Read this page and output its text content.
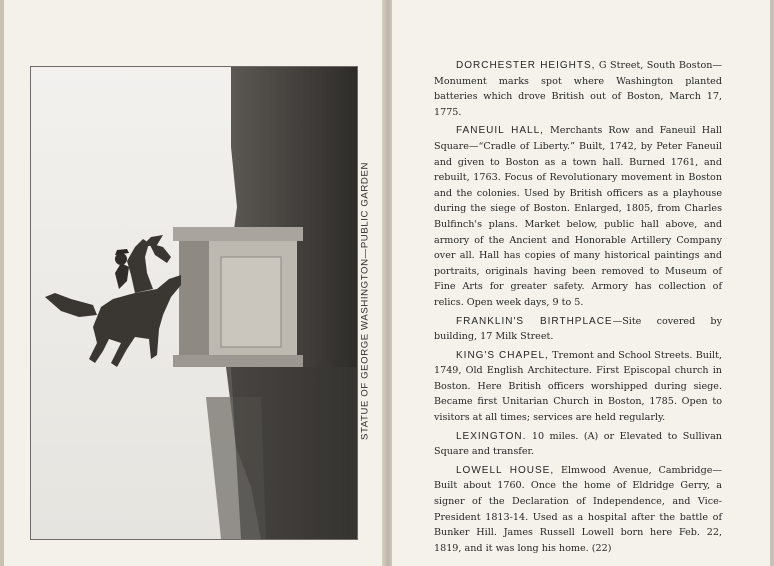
STATUE OF GEORGE WASHINGTON—PUBLIC GARDEN

DORCHESTER HEIGHTS, G Street, South Boston—Monument marks spot where Washington planted batteries which drove British out of Boston, March 17, 1775.

FANEUIL HALL, Merchants Row and Faneuil Hall Square—“Cradle of Liberty.” Built, 1742, by Peter Faneuil and given to Boston as a town hall. Burned 1761, and rebuilt, 1763. Focus of Revolutionary movement in Boston and the colonies. Used by British officers as a playhouse during the siege of Boston. Enlarged, 1805, from Charles Bulfinch's plans. Market below, public hall above, and armory of the Ancient and Honorable Artillery Company over all. Hall has copies of many historical paintings and portraits, originals having been removed to Museum of Fine Arts for greater safety. Armory has collection of relics. Open week days, 9 to 5.

FRANKLIN'S BIRTHPLACE—Site covered by building, 17 Milk Street.

KING'S CHAPEL, Tremont and School Streets. Built, 1749, Old English Architecture. First Episcopal church in Boston. Here British officers worshipped during siege. Became first Unitarian Church in Boston, 1785. Open to visitors at all times; services are held regularly.

LEXINGTON. 10 miles. (A) or Elevated to Sullivan Square and transfer.

LOWELL HOUSE, Elmwood Avenue, Cambridge—Built about 1760. Once the home of Eldridge Gerry, a signer of the Declaration of Independence, and Vice-President 1813-14. Used as a hospital after the battle of Bunker Hill. James Russell Lowell born here Feb. 22, 1819, and it was long his home. (22)
